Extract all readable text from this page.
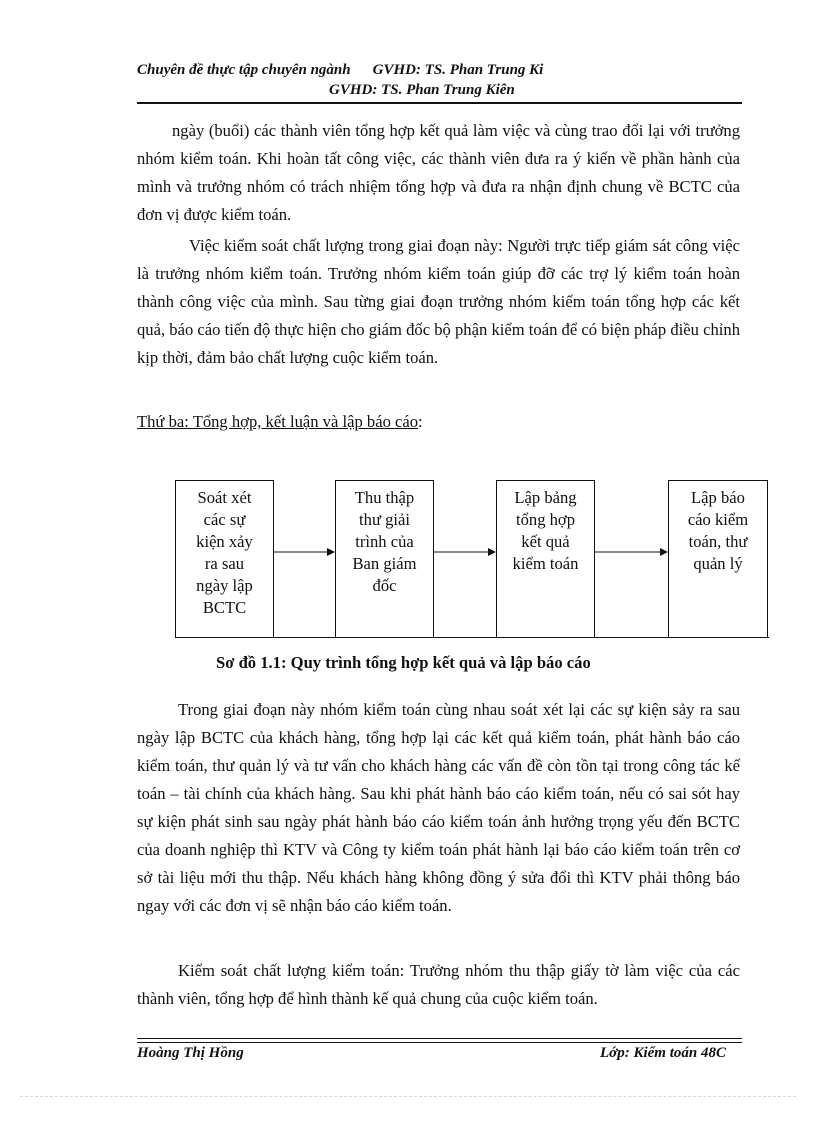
Chuyên đề thực tập chuyên ngành GVHD: TS. Phan Trung Ki
GVHD: TS. Phan Trung Kiên

ngày (buổi) các thành viên tổng hợp kết quả làm việc và cùng trao đổi lại với trưởng nhóm kiểm toán. Khi hoàn tất công việc, các thành viên đưa ra ý kiến về phần hành của mình và trưởng nhóm có trách nhiệm tổng hợp và đưa ra nhận định chung về BCTC của đơn vị được kiểm toán.

Việc kiểm soát chất lượng trong giai đoạn này: Người trực tiếp giám sát công việc là trưởng nhóm kiểm toán. Trưởng nhóm kiểm toán giúp đỡ các trợ lý kiểm toán hoàn thành công việc của mình. Sau từng giai đoạn trưởng nhóm kiểm toán tổng hợp các kết quả, báo cáo tiến độ thực hiện cho giám đốc bộ phận kiểm toán để có biện pháp điều chỉnh kịp thời, đảm bảo chất lượng cuộc kiểm toán.

Thứ ba: Tổng hợp, kết luận và lập báo cáo:

Soát xét
các sự
kiện xảy
ra sau
ngày lập
BCTC
Thu thập
thư giải
trình của
Ban giám
đốc
Lập bảng
tổng hợp
kết quả
kiểm toán
Lập báo
cáo kiểm
toán, thư
quản lý

Sơ đồ 1.1: Quy trình tổng hợp kết quả và lập báo cáo

Trong giai đoạn này nhóm kiểm toán cùng nhau soát xét lại các sự kiện sảy ra sau ngày lập BCTC của khách hàng, tổng hợp lại các kết quả kiểm toán, phát hành báo cáo kiểm toán, thư quản lý và tư vấn cho khách hàng các vấn đề còn tồn tại trong công tác kế toán – tài chính của khách hàng. Sau khi phát hành báo cáo kiểm toán, nếu có sai sót hay sự kiện phát sinh sau ngày phát hành báo cáo kiểm toán ảnh hưởng trọng yếu đến BCTC của doanh nghiệp thì KTV và Công ty kiểm toán phát hành lại báo cáo kiểm toán trên cơ sở tài liệu mới thu thập. Nếu khách hàng không đồng ý sửa đổi thì KTV phải thông báo ngay với các đơn vị sẽ nhận báo cáo kiểm toán.

Kiểm soát chất lượng kiểm toán: Trưởng nhóm thu thập giấy tờ làm việc của các thành viên, tổng hợp để hình thành kế quả chung của cuộc kiểm toán.

Hoàng Thị Hồng	Lớp: Kiểm toán 48C
